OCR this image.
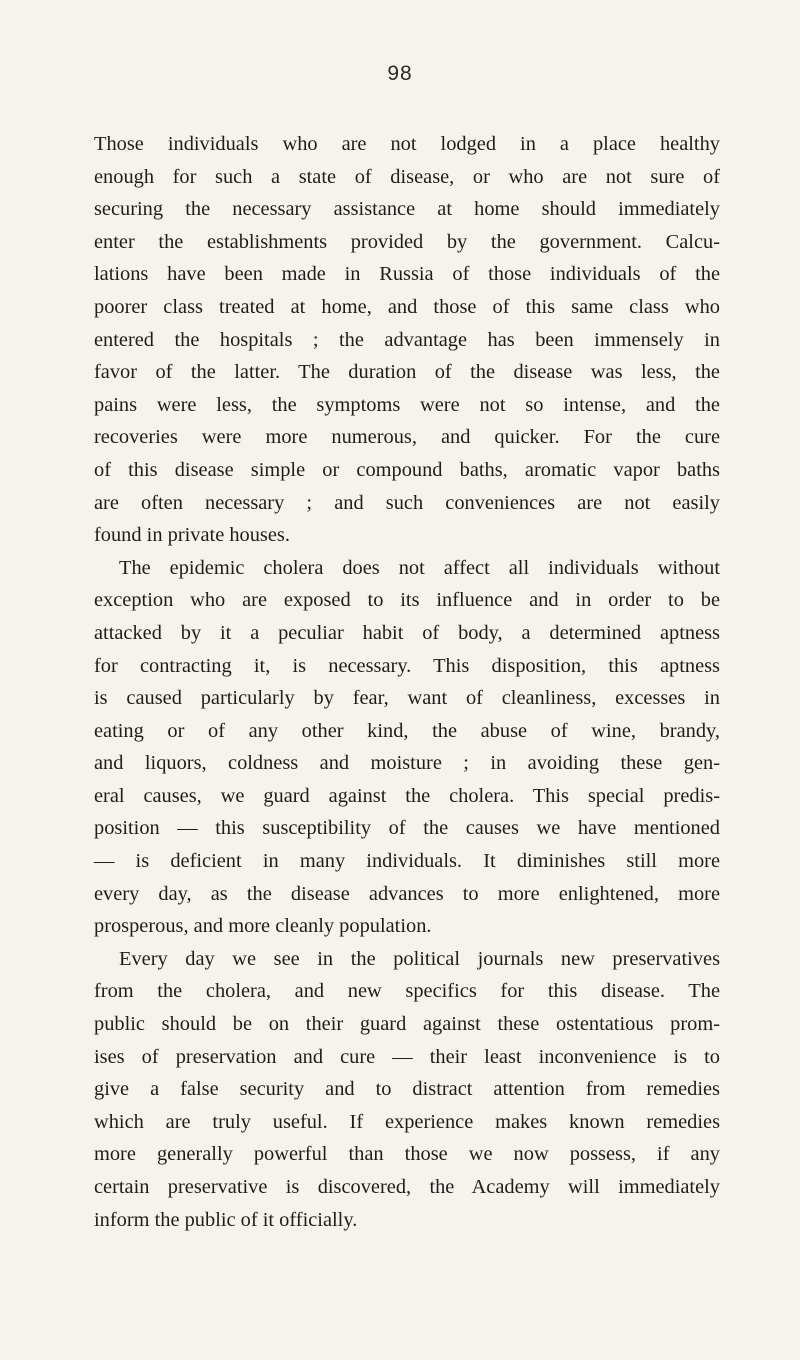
98
Those individuals who are not lodged in a place healthy
enough for such a state of disease, or who are not sure of
securing the necessary assistance at home should immediately
enter the establishments provided by the government. Calcu-
lations have been made in Russia of those individuals of the
poorer class treated at home, and those of this same class who
entered the hospitals ; the advantage has been immensely in
favor of the latter. The duration of the disease was less, the
pains were less, the symptoms were not so intense, and the
recoveries were more numerous, and quicker. For the cure
of this disease simple or compound baths, aromatic vapor baths
are often necessary ; and such conveniences are not easily
found in private houses.
The epidemic cholera does not affect all individuals without
exception who are exposed to its influence and in order to be
attacked by it a peculiar habit of body, a determined aptness
for contracting it, is necessary. This disposition, this aptness
is caused particularly by fear, want of cleanliness, excesses in
eating or of any other kind, the abuse of wine, brandy,
and liquors, coldness and moisture ; in avoiding these gen-
eral causes, we guard against the cholera. This special predis-
position — this susceptibility of the causes we have mentioned
— is deficient in many individuals. It diminishes still more
every day, as the disease advances to more enlightened, more
prosperous, and more cleanly population.
Every day we see in the political journals new preservatives
from the cholera, and new specifics for this disease. The
public should be on their guard against these ostentatious prom-
ises of preservation and cure — their least inconvenience is to
give a false security and to distract attention from remedies
which are truly useful. If experience makes known remedies
more generally powerful than those we now possess, if any
certain preservative is discovered, the Academy will immediately
inform the public of it officially.
